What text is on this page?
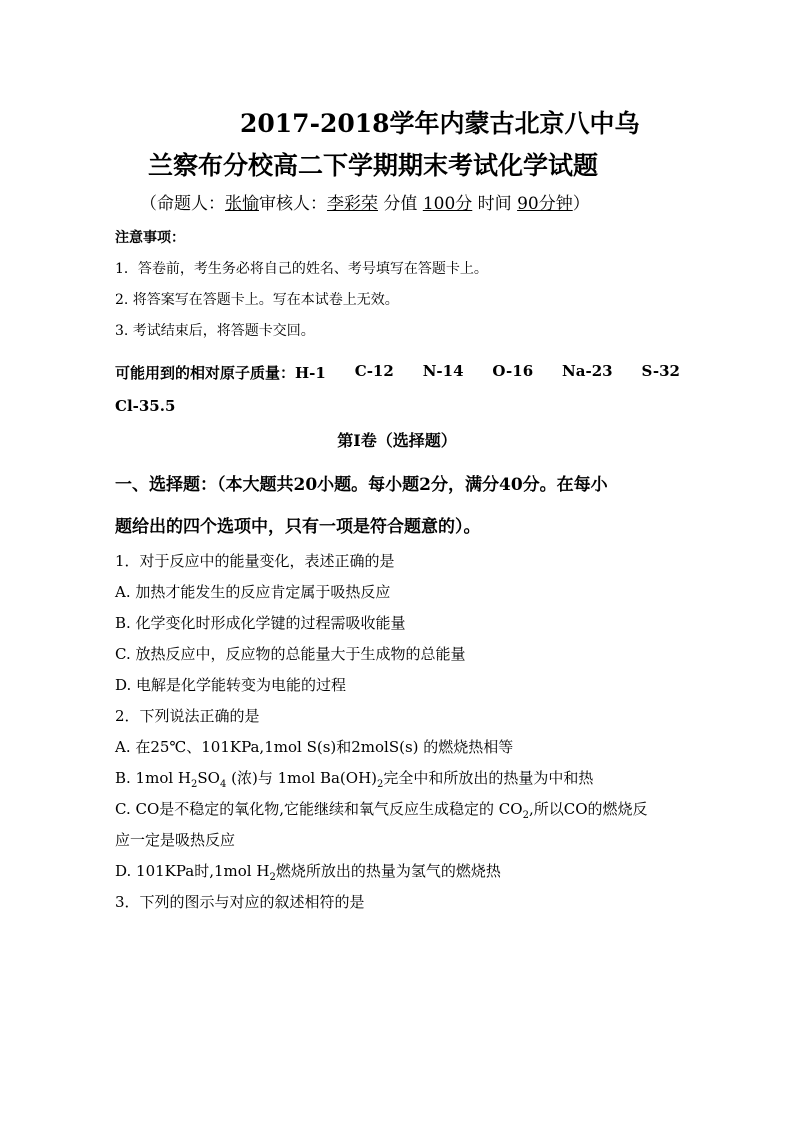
2017-2018学年内蒙古北京八中乌
兰察布分校高二下学期期末考试化学试题
（命题人：张愉审核人：李彩荣 分值 100分 时间 90分钟）
注意事项：
1．答卷前，考生务必将自己的姓名、考号填写在答题卡上。
2. 将答案写在答题卡上。写在本试卷上无效。
3. 考试结束后，将答题卡交回。
可能用到的相对原子质量：H-1 C-12 N-14 O-16 Na-23 S-32
Cl-35.5
第I卷（选择题）
一、选择题：（本大题共20小题。每小题2分，满分40分。在每小
题给出的四个选项中，只有一项是符合题意的）。
1．对于反应中的能量变化，表述正确的是
A. 加热才能发生的反应肯定属于吸热反应
B. 化学变化时形成化学键的过程需吸收能量
C. 放热反应中，反应物的总能量大于生成物的总能量
D. 电解是化学能转变为电能的过程
2．下列说法正确的是
A. 在25℃、101KPa,1mol S(s)和2molS(s) 的燃烧热相等
B. 1mol $H_2SO_4$ (浓)与 1mol $Ba(OH)_2$完全中和所放出的热量为中和热
C. CO是不稳定的氧化物,它能继续和氧气反应生成稳定的 $CO_2$,所以CO的燃烧反
应一定是吸热反应
D. 101KPa时,1mol $H_2$燃烧所放出的热量为氢气的燃烧热
3．下列的图示与对应的叙述相符的是
